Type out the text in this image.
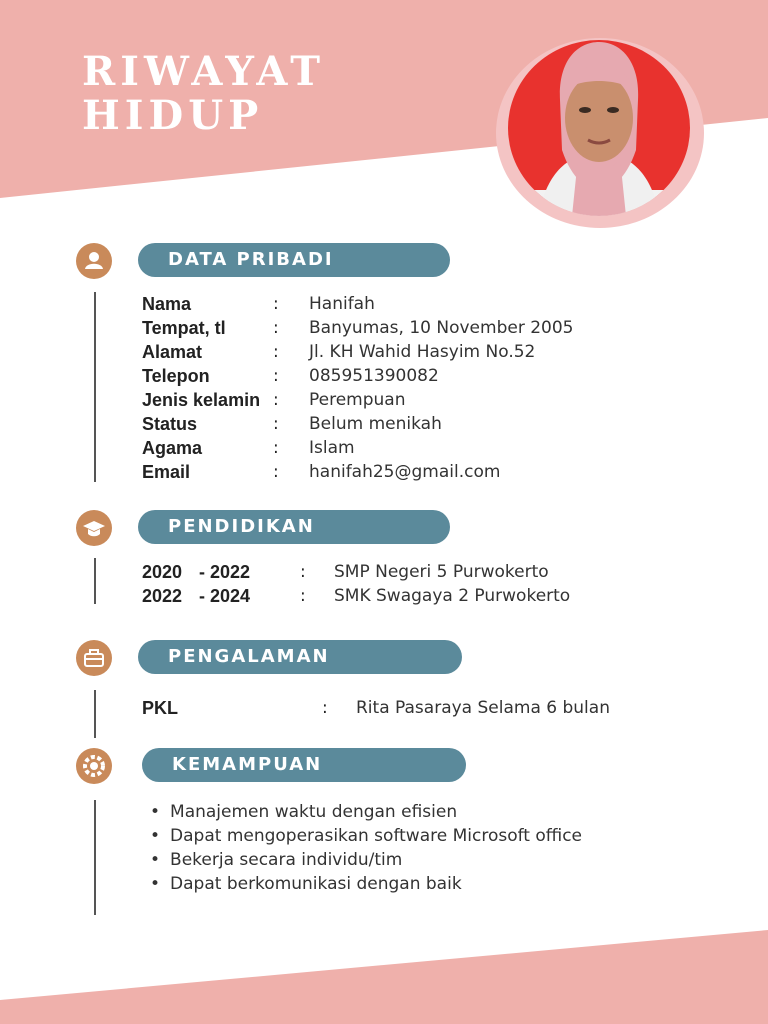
RIWAYAT
HIDUP
DATA PRIBADI
Nama	: Hanifah
Tempat, tl	: Banyumas, 10 November 2005
Alamat	: Jl. KH Wahid Hasyim No.52
Telepon	: 085951390082
Jenis kelamin : Perempuan
Status	: Belum menikah
Agama	: Islam
Email	: hanifah25@gmail.com
PENDIDIKAN
2020 - 2022	: SMP Negeri 5 Purwokerto
2022 - 2024	: SMK Swagaya 2 Purwokerto
PENGALAMAN
PKL	: Rita Pasaraya Selama 6 bulan
KEMAMPUAN
• Manajemen waktu dengan efisien
• Dapat mengoperasikan software Microsoft office
• Bekerja secara individu/tim
• Dapat berkomunikasi dengan baik
